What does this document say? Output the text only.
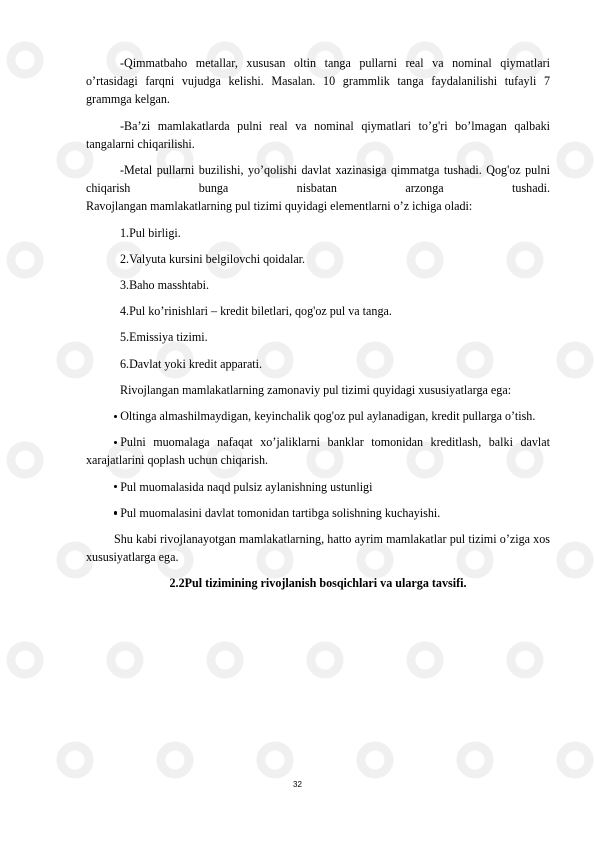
-Qimmatbaho metallar, xususan oltin tanga pullarni real va nominal qiymatlari o’rtasidagi farqni vujudga kelishi. Masalan. 10 grammlik tanga faydalanilishi tufayli 7 grammga kelgan.

-Ba’zi mamlakatlarda pulni real va nominal qiymatlari to’g'ri bo’lmagan qalbaki tangalarni chiqarilishi.

-Metal pullarni buzilishi, yo’qolishi davlat xazinasiga qimmatga tushadi. Qog'oz pulni chiqarish bunga nisbatan arzonga tushadi.

Ravojlangan mamlakatlarning pul tizimi quyidagi elementlarni o’z ichiga oladi:

1.Pul birligi.

2.Valyuta kursini belgilovchi qoidalar.

3.Baho masshtabi.

4.Pul ko’rinishlari – kredit biletlari, qog'oz pul va tanga.

5.Emissiya tizimi.

6.Davlat yoki kredit apparati.

Rivojlangan mamlakatlarning zamonaviy pul tizimi quyidagi xususiyatlarga ega:

Oltinga almashilmaydigan, keyinchalik qog'oz pul aylanadigan, kredit pullarga o’tish.

Pulni muomalaga nafaqat xo’jaliklarni banklar tomonidan kreditlash, balki davlat xarajatlarini qoplash uchun chiqarish.

Pul muomalasida naqd pulsiz aylanishning ustunligi

Pul muomalasini davlat tomonidan tartibga solishning kuchayishi.

Shu kabi rivojlanayotgan mamlakatlarning, hatto ayrim mamlakatlar pul tizimi o’ziga xos xususiyatlarga ega.

2.2Pul tizimining rivojlanish bosqichlari va ularga tavsifi.

32
